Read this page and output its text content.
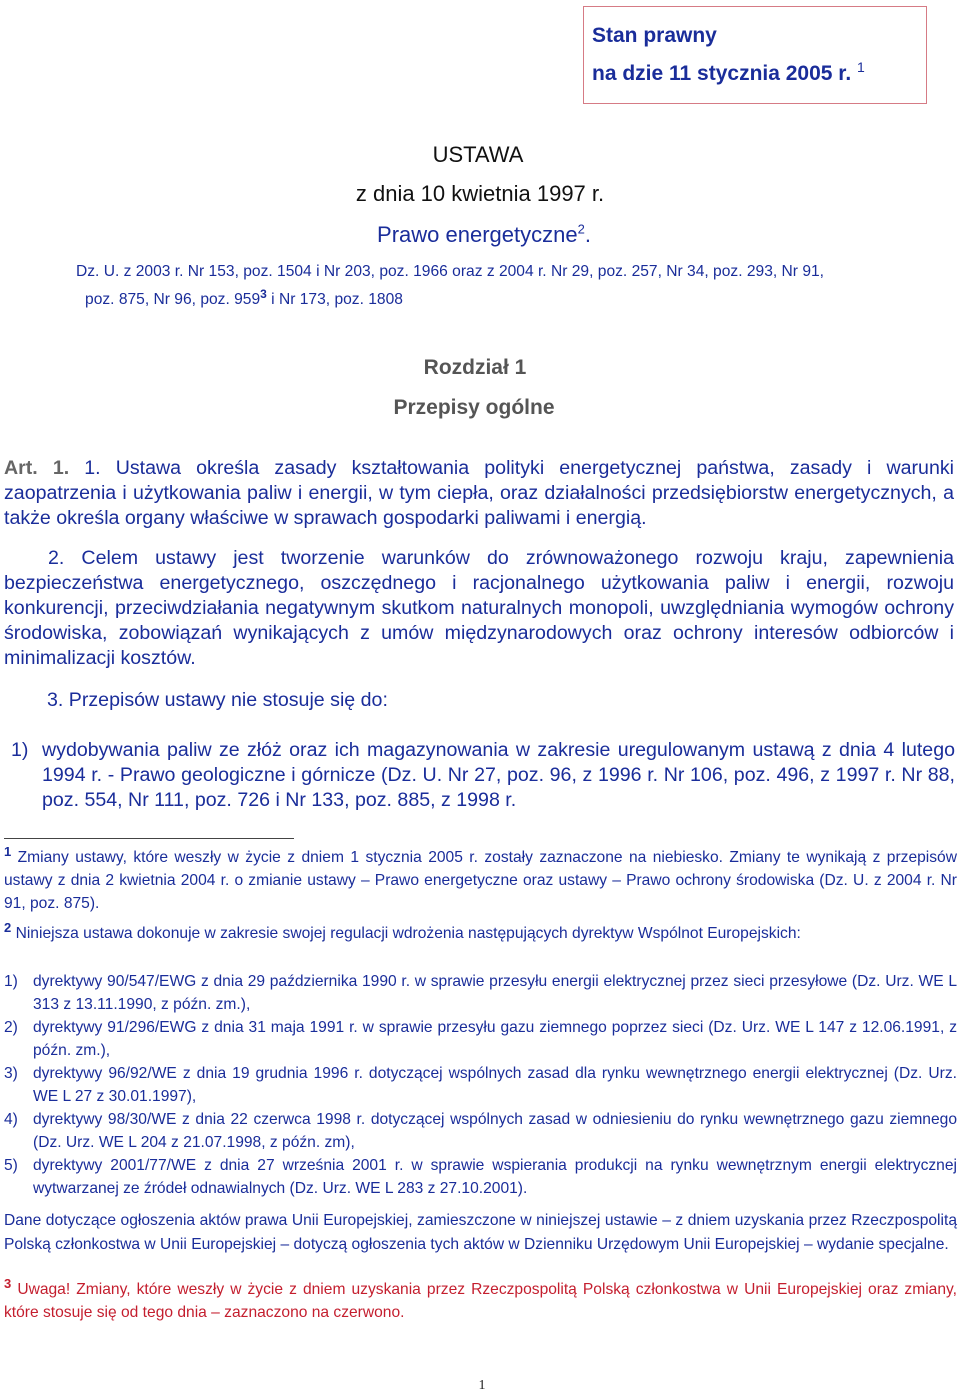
Stan prawny
na dzie 11 stycznia 2005 r. $^1$
USTAWA
z dnia 10 kwietnia 1997 r.
Prawo energetyczne$^2$.
Dz. U. z 2003 r. Nr 153, poz. 1504 i Nr 203, poz. 1966 oraz z 2004 r. Nr 29, poz. 257, Nr 34, poz. 293, Nr 91,
poz. 875, Nr 96, poz. $959^3$ i Nr 173, poz. 1808
Rozdział 1
Przepisy ogólne
Art. 1. 1. Ustawa określa zasady kształtowania polityki energetycznej państwa, zasady i warunki zaopatrzenia i użytkowania paliw i energii, w tym ciepła, oraz działalności przedsiębiorstw energetycznych, a także określa organy właściwe w sprawach gospodarki paliwami i energią.
2. Celem ustawy jest tworzenie warunków do zrównoważonego rozwoju kraju, zapewnienia bezpieczeństwa energetycznego, oszczędnego i racjonalnego użytkowania paliw i energii, rozwoju konkurencji, przeciwdziałania negatywnym skutkom naturalnych monopoli, uwzględniania wymogów ochrony środowiska, zobowiązań wynikających z umów międzynarodowych oraz ochrony interesów odbiorców i minimalizacji kosztów.
3. Przepisów ustawy nie stosuje się do:
1) wydobywania paliw ze złóż oraz ich magazynowania w zakresie uregulowanym ustawą z dnia 4 lutego 1994 r. - Prawo geologiczne i górnicze (Dz. U. Nr 27, poz. 96, z 1996 r. Nr 106, poz. 496, z 1997 r. Nr 88, poz. 554, Nr 111, poz. 726 i Nr 133, poz. 885, z 1998 r.
$^1$ Zmiany ustawy, które weszły w życie z dniem 1 stycznia 2005 r. zostały zaznaczone na niebiesko. Zmiany te wynikają z przepisów ustawy z dnia 2 kwietnia 2004 r. o zmianie ustawy – Prawo energetyczne oraz ustawy – Prawo ochrony środowiska (Dz. U. z 2004 r. Nr 91, poz. 875).
$^2$ Niniejsza ustawa dokonuje w zakresie swojej regulacji wdrożenia następujących dyrektyw Wspólnot Europejskich:
1) dyrektywy 90/547/EWG z dnia 29 października 1990 r. w sprawie przesyłu energii elektrycznej przez sieci przesyłowe (Dz. Urz. WE L 313 z 13.11.1990, z późn. zm.),
2) dyrektywy 91/296/EWG z dnia 31 maja 1991 r. w sprawie przesyłu gazu ziemnego poprzez sieci (Dz. Urz. WE L 147 z 12.06.1991, z późn. zm.),
3) dyrektywy 96/92/WE z dnia 19 grudnia 1996 r. dotyczącej wspólnych zasad dla rynku wewnętrznego energii elektrycznej (Dz. Urz. WE L 27 z 30.01.1997),
4) dyrektywy 98/30/WE z dnia 22 czerwca 1998 r. dotyczącej wspólnych zasad w odniesieniu do rynku wewnętrznego gazu ziemnego (Dz. Urz. WE L 204 z 21.07.1998, z późn. zm),
5) dyrektywy 2001/77/WE z dnia 27 września 2001 r. w sprawie wspierania produkcji na rynku wewnętrznym energii elektrycznej wytwarzanej ze źródeł odnawialnych (Dz. Urz. WE L 283 z 27.10.2001).
Dane dotyczące ogłoszenia aktów prawa Unii Europejskiej, zamieszczone w niniejszej ustawie – z dniem uzyskania przez Rzeczpospolitą Polską członkostwa w Unii Europejskiej – dotyczą ogłoszenia tych aktów w Dzienniku Urzędowym Unii Europejskiej – wydanie specjalne.
$^3$ Uwaga! Zmiany, które weszły w życie z dniem uzyskania przez Rzeczpospolitą Polską członkostwa w Unii Europejskiej oraz zmiany, które stosuje się od tego dnia – zaznaczono na czerwono.
1
